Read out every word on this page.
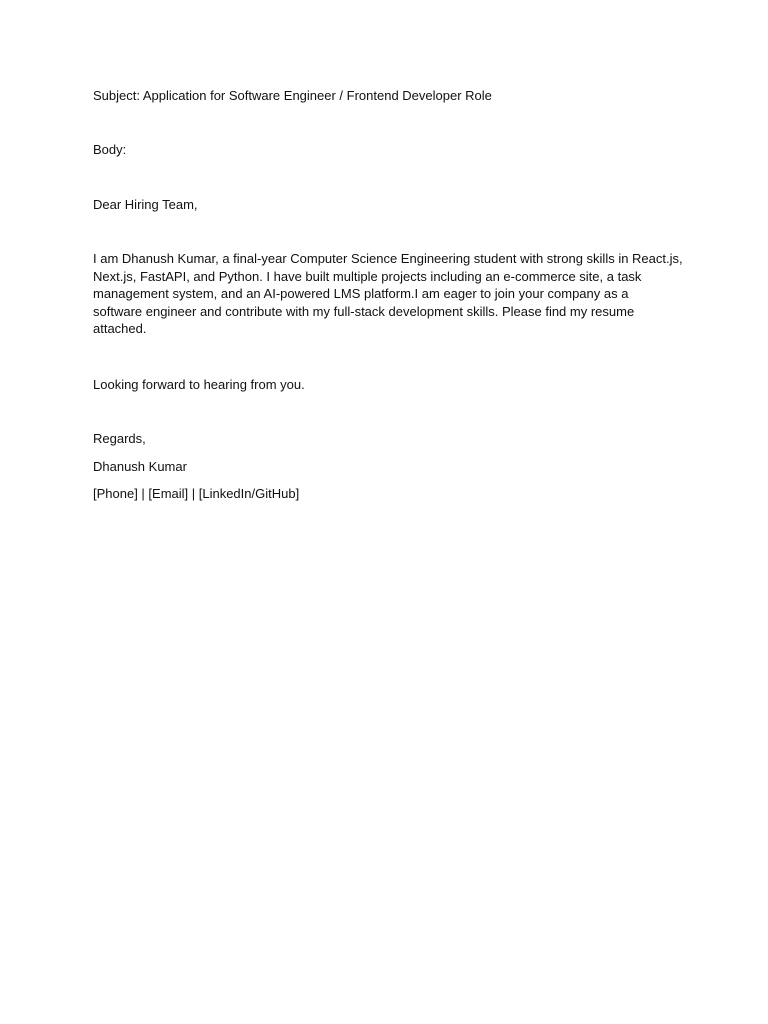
Subject: Application for Software Engineer / Frontend Developer Role
Body:
Dear Hiring Team,
I am Dhanush Kumar, a final-year Computer Science Engineering student with strong skills in React.js,
Next.js, FastAPI, and Python. I have built multiple projects including an e-commerce site, a task
management system, and an AI-powered LMS platform.I am eager to join your company as a
software engineer and contribute with my full-stack development skills. Please find my resume
attached.
Looking forward to hearing from you.
Regards,
Dhanush Kumar
[Phone] | [Email] | [LinkedIn/GitHub]
